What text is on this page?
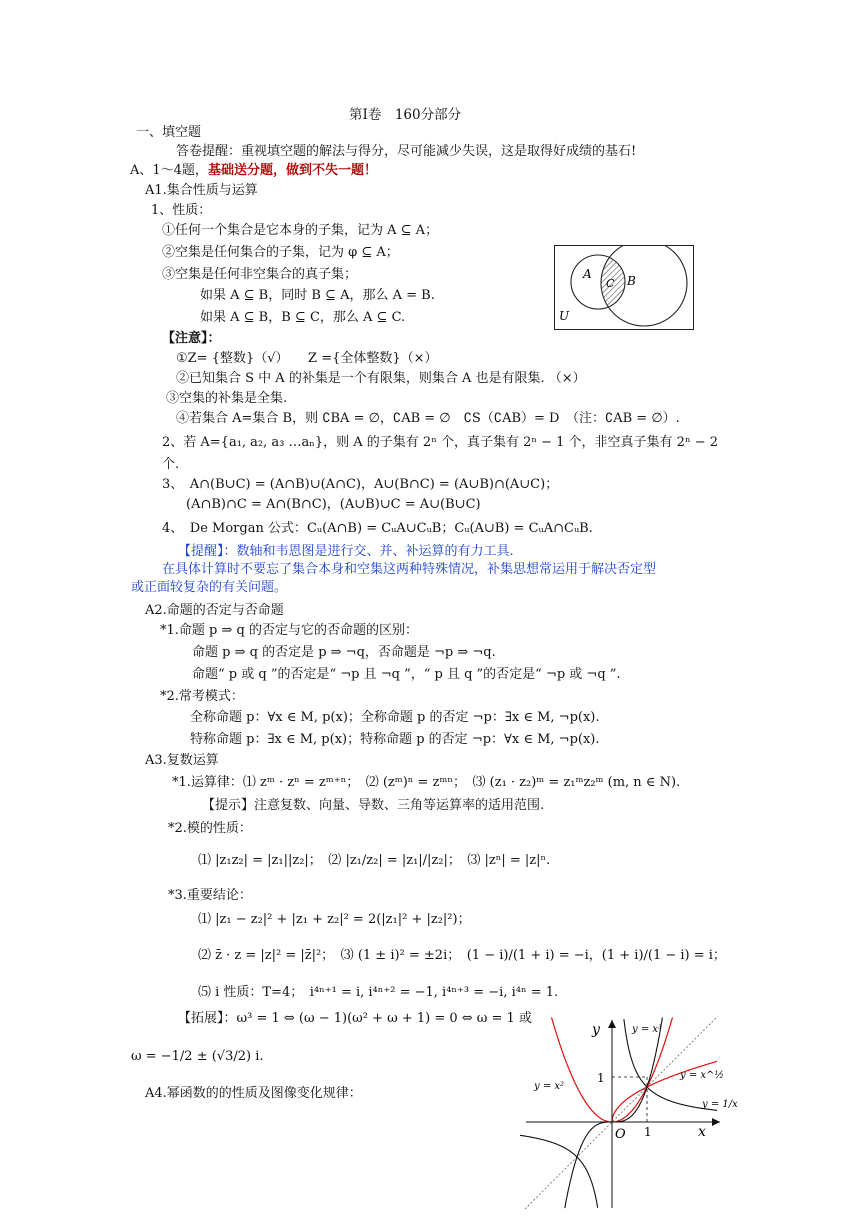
第Ⅰ卷　160分部分
一、填空题
答卷提醒：重视填空题的解法与得分，尽可能减少失误，这是取得好成绩的基石!
A、1～4题，基础送分题，做到不失一题！
A1.集合性质与运算
1、性质：
①任何一个集合是它本身的子集，记为 A ⊆ A；
②空集是任何集合的子集，记为 φ ⊆ A；
③空集是任何非空集合的真子集；
如果 A ⊆ B，同时 B ⊆ A，那么 A = B.
如果 A ⊆ B，B ⊆ C，那么 A ⊆ C.
【注意】：
①Z= {整数}（√）　　Z ={全体整数}（×）
②已知集合 S 中 A 的补集是一个有限集，则集合 A 也是有限集. （×）
③空集的补集是全集.
④若集合 A=集合 B，则 ∁BA = ∅，∁AB = ∅　∁S（∁AB）= D　（注：∁AB = ∅）.
2、若 A={a₁, a₂, a₃ …aₙ}，则 A 的子集有 2ⁿ 个，真子集有 2ⁿ − 1 个，非空真子集有 2ⁿ − 2
个.
3、　A∩(B∪C) = (A∩B)∪(A∩C)，A∪(B∩C) = (A∪B)∩(A∪C)；
(A∩B)∩C = A∩(B∩C)，(A∪B)∪C = A∪(B∪C)
4、　De Morgan 公式：Cᵤ(A∩B) = CᵤA∪CᵤB；Cᵤ(A∪B) = CᵤA∩CᵤB.
【提醒】：数轴和韦恩图是进行交、并、补运算的有力工具.
在具体计算时不要忘了集合本身和空集这两种特殊情况，补集思想常运用于解决否定型
或正面较复杂的有关问题。
A
C B
U
A2.命题的否定与否命题
*1.命题 p ⇒ q 的否定与它的否命题的区别：
命题 p ⇒ q 的否定是 p ⇒ ¬q，否命题是 ¬p ⇒ ¬q.
命题“ p 或 q ”的否定是“ ¬p 且 ¬q ”，“ p 且 q ”的否定是“ ¬p 或 ¬q ”.
*2.常考模式：
全称命题 p：∀x ∈ M, p(x)；全称命题 p 的否定 ¬p：∃x ∈ M, ¬p(x).
特称命题 p：∃x ∈ M, p(x)；特称命题 p 的否定 ¬p：∀x ∈ M, ¬p(x).
A3.复数运算
*1.运算律：⑴ zᵐ · zⁿ = zᵐ⁺ⁿ；　⑵ (zᵐ)ⁿ = zᵐⁿ；　⑶ (z₁ · z₂)ᵐ = z₁ᵐz₂ᵐ (m, n ∈ N).
【提示】注意复数、向量、导数、三角等运算率的适用范围.
*2.模的性质：
⑴ |z₁z₂| = |z₁||z₂|；　⑵ |z₁/z₂| = |z₁|/|z₂|；　⑶ |zⁿ| = |z|ⁿ.
*3.重要结论：
⑴ |z₁ − z₂|² + |z₁ + z₂|² = 2(|z₁|² + |z₂|²)；
⑵ z̄ · z = |z|² = |z̄|²；　⑶ (1 ± i)² = ±2i；　(1 − i)/(1 + i) = −i，(1 + i)/(1 − i) = i；
⑸ i 性质：T=4；　i⁴ⁿ⁺¹ = i, i⁴ⁿ⁺² = −1, i⁴ⁿ⁺³ = −i, i⁴ⁿ = 1.
【拓展】：ω³ = 1 ⇔ (ω − 1)(ω² + ω + 1) = 0 ⇔ ω = 1 或
ω = −1/2 ± (√3/2) i.
A4.幂函数的的性质及图像变化规律：
y
x
O 1
1
y = x³
y = x²
y = x^½
y = 1/x
